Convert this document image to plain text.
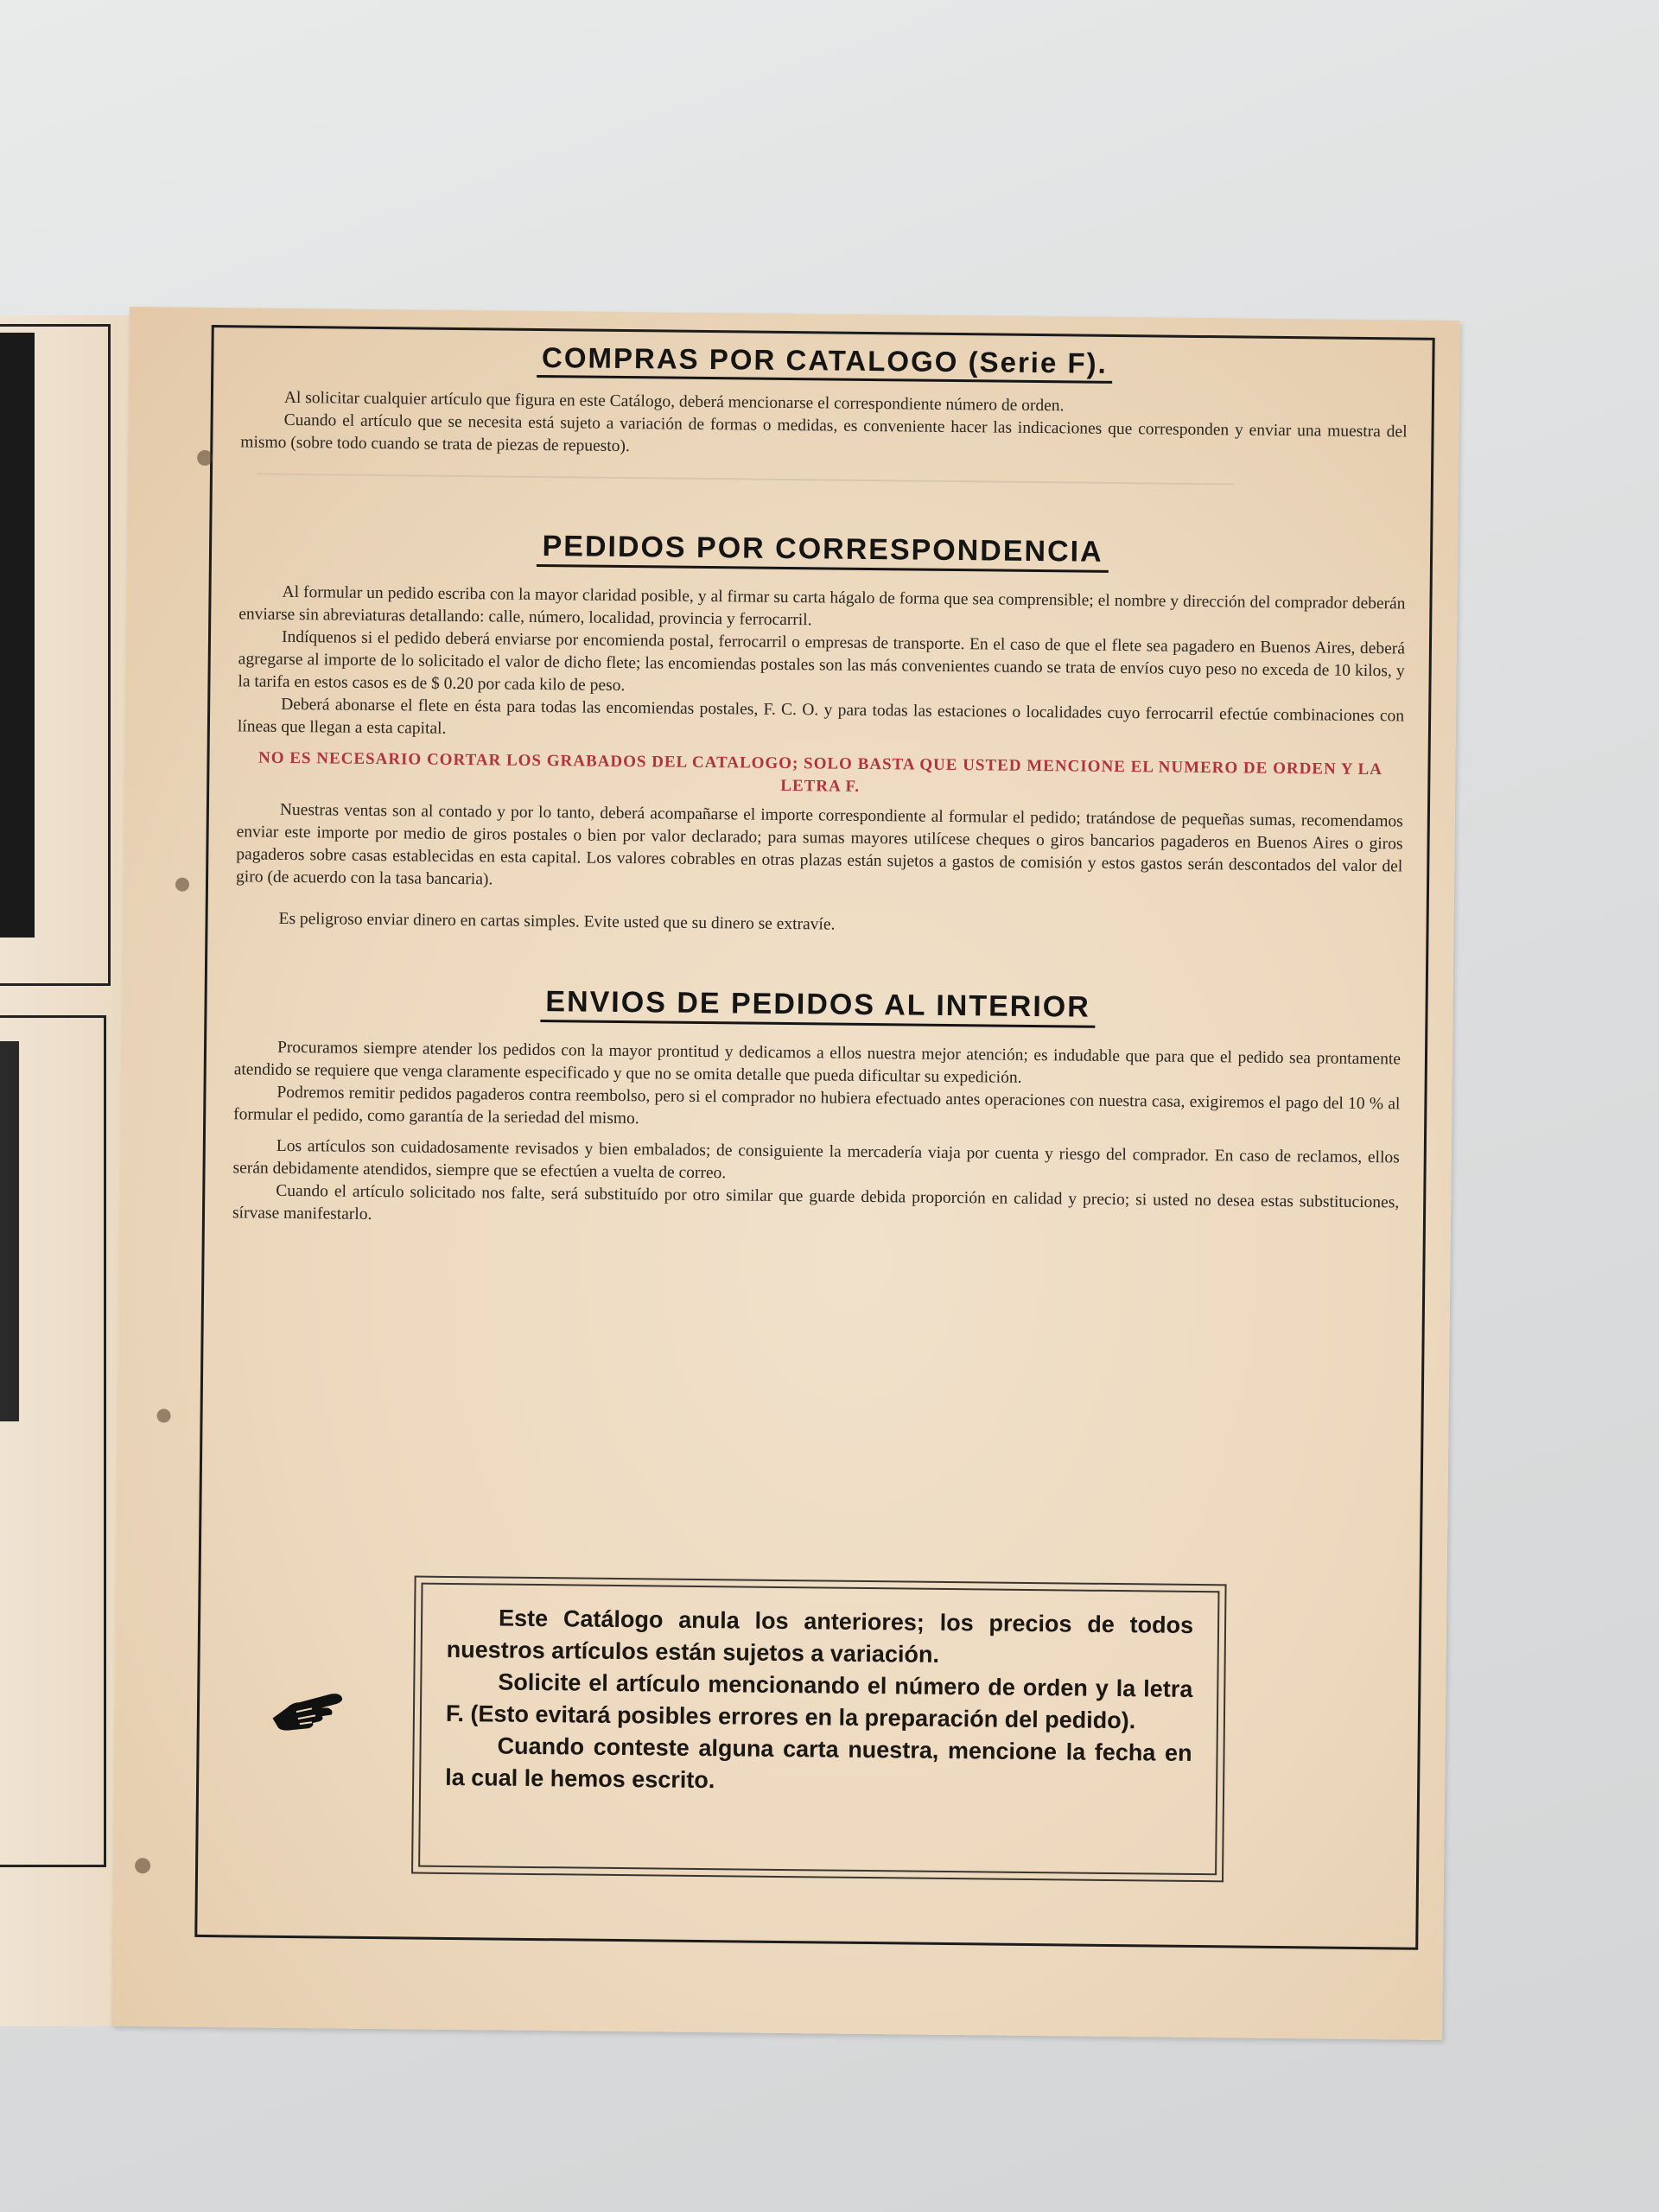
COMPRAS POR CATALOGO (Serie F).

Al solicitar cualquier artículo que figura en este Catálogo, deberá mencionarse el correspondiente número de orden.

Cuando el artículo que se necesita está sujeto a variación de formas o medidas, es conveniente hacer las indicaciones que corresponden y enviar una muestra del mismo (sobre todo cuando se trata de piezas de repuesto).

PEDIDOS POR CORRESPONDENCIA

Al formular un pedido escriba con la mayor claridad posible, y al firmar su carta hágalo de forma que sea comprensible; el nombre y dirección del comprador deberán enviarse sin abreviaturas detallando: calle, número, localidad, provincia y ferrocarril.

Indíquenos si el pedido deberá enviarse por encomienda postal, ferrocarril o empresas de transporte. En el caso de que el flete sea pagadero en Buenos Aires, deberá agregarse al importe de lo solicitado el valor de dicho flete; las encomiendas postales son las más convenientes cuando se trata de envíos cuyo peso no exceda de 10 kilos, y la tarifa en estos casos es de $ 0.20 por cada kilo de peso.

Deberá abonarse el flete en ésta para todas las encomiendas postales, F. C. O. y para todas las estaciones o localidades cuyo ferrocarril efectúe combinaciones con líneas que llegan a esta capital.

NO ES NECESARIO CORTAR LOS GRABADOS DEL CATALOGO; SOLO BASTA QUE USTED MENCIONE EL NUMERO DE ORDEN Y LA LETRA F.

Nuestras ventas son al contado y por lo tanto, deberá acompañarse el importe correspondiente al formular el pedido; tratándose de pequeñas sumas, recomendamos enviar este importe por medio de giros postales o bien por valor declarado; para sumas mayores utilícese cheques o giros bancarios pagaderos en Buenos Aires o giros pagaderos sobre casas establecidas en esta capital. Los valores cobrables en otras plazas están sujetos a gastos de comisión y estos gastos serán descontados del valor del giro (de acuerdo con la tasa bancaria).

Es peligroso enviar dinero en cartas simples. Evite usted que su dinero se extravíe.

ENVIOS DE PEDIDOS AL INTERIOR

Procuramos siempre atender los pedidos con la mayor prontitud y dedicamos a ellos nuestra mejor atención; es indudable que para que el pedido sea prontamente atendido se requiere que venga claramente especificado y que no se omita detalle que pueda dificultar su expedición.

Podremos remitir pedidos pagaderos contra reembolso, pero si el comprador no hubiera efectuado antes operaciones con nuestra casa, exigiremos el pago del 10 % al formular el pedido, como garantía de la seriedad del mismo.

Los artículos son cuidadosamente revisados y bien embalados; de consiguiente la mercadería viaja por cuenta y riesgo del comprador. En caso de reclamos, ellos serán debidamente atendidos, siempre que se efectúen a vuelta de correo.

Cuando el artículo solicitado nos falte, será substituído por otro similar que guarde debida proporción en calidad y precio; si usted no desea estas substituciones, sírvase manifestarlo.

Este Catálogo anula los anteriores; los precios de todos nuestros artículos están sujetos a variación.
Solicite el artículo mencionando el número de orden y la letra F. (Esto evitará posibles errores en la preparación del pedido).
Cuando conteste alguna carta nuestra, mencione la fecha en la cual le hemos escrito.
